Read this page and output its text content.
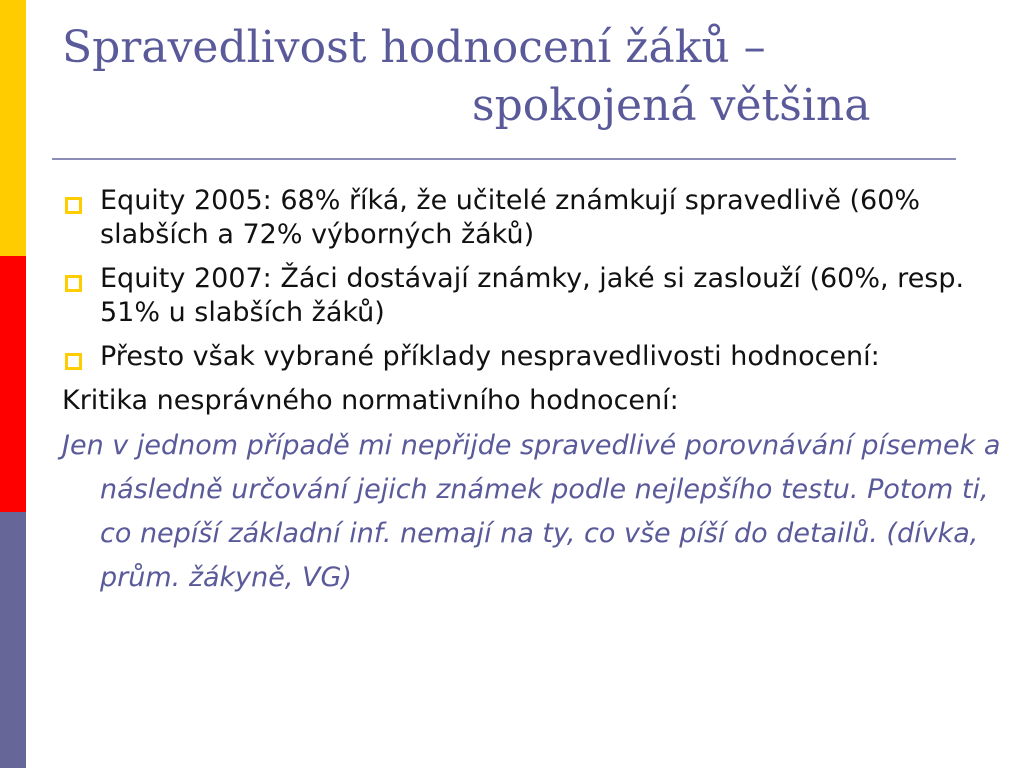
Spravedlivost hodnocení žáků –
spokojená většina
Equity 2005: 68% říká, že učitelé známkují spravedlivě (60% slabších a 72% výborných žáků)
Equity 2007: Žáci dostávají známky, jaké si zaslouží (60%, resp. 51% u slabších žáků)
Přesto však vybrané příklady nespravedlivosti hodnocení:
Kritika nesprávného normativního hodnocení:
Jen v jednom případě mi nepřijde spravedlivé porovnávání písemek a následně určování jejich známek podle nejlepšího testu. Potom ti, co nepíší základní inf. nemají na ty, co vše píší do detailů. (dívka, prům. žákyně, VG)
